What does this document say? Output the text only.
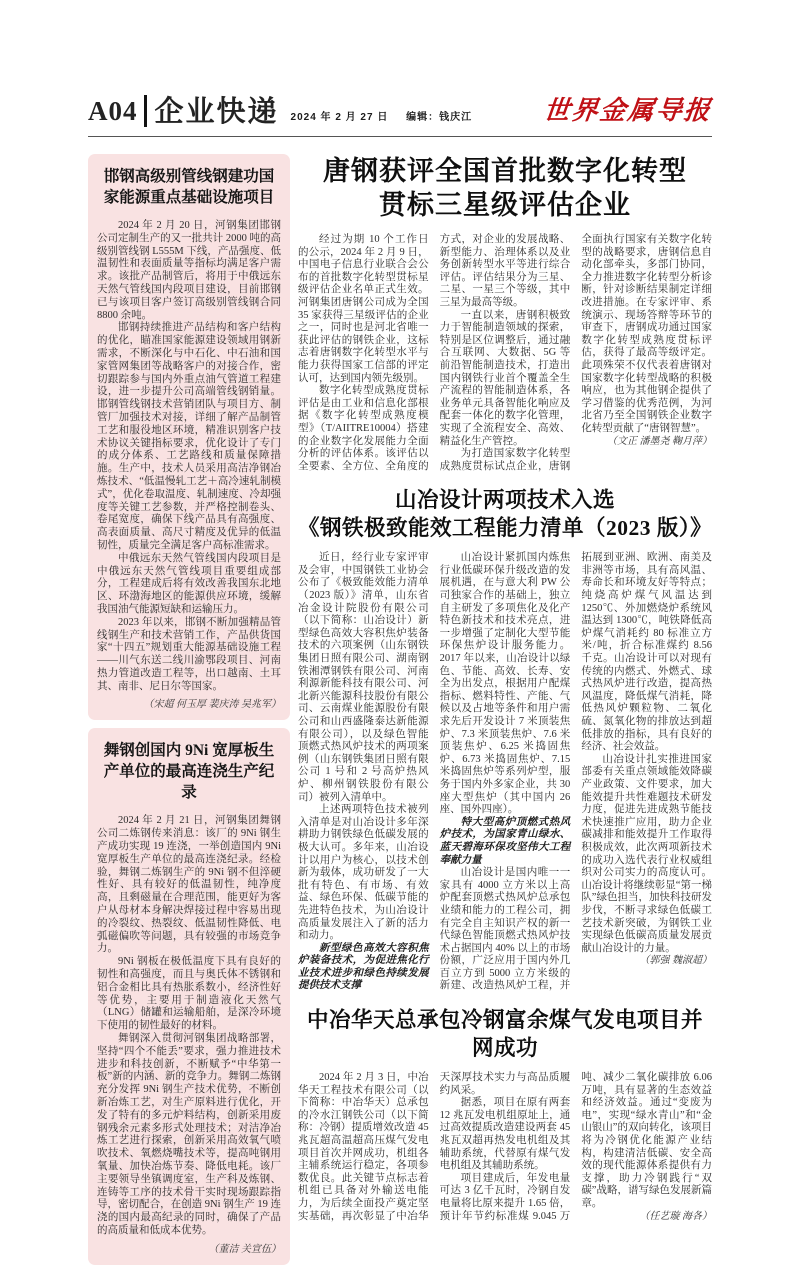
A04 企业快递 2024 年 2 月 27 日 编辑：钱庆江	世界金属导报
邯钢高级别管线钢建功国家能源重点基础设施项目

2024 年 2 月 20 日，河钢集团邯钢公司定制生产的又一批共计 2000 吨的高级别管线钢 L555M 下线，产品强度、低温韧性和表面质量等指标均满足客户需求。该批产品制管后，将用于中俄远东天然气管线国内段项目建设，目前邯钢已与该项目客户签订高级别管线钢合同 8800 余吨。

邯钢持续推进产品结构和客户结构的优化，瞄准国家能源建设领域用钢新需求，不断深化与中石化、中石油和国家管网集团等战略客户的对接合作，密切跟踪参与国内外重点油气管道工程建设，进一步提升公司高端管线钢销量。邯钢管线钢技术营销团队与项目方、制管厂加强技术对接，详细了解产品制管工艺和服役地区环境，精准识别客户技术协议关键指标要求，优化设计了专门的成分体系、工艺路线和质量保障措施。生产中，技术人员采用高洁净钢冶炼技术、“低温慢轧工艺＋高冷速轧制模式”，优化卷取温度、轧制速度、冷却强度等关键工艺参数，并严格控制卷头、卷尾宽度，确保下线产品具有高强度、高表面质量、高尺寸精度及优异的低温韧性，质量完全满足客户高标准需求。

中俄远东天然气管线国内段项目是中俄远东天然气管线项目重要组成部分，工程建成后将有效改善我国东北地区、环渤海地区的能源供应环境，缓解我国油气能源短缺和运输压力。

2023 年以来，邯钢不断加强精品管线钢生产和技术营销工作，产品供货国家“十四五”规划重大能源基础设施工程——川气东送二线川渝鄂段项目、河南热力管道改造工程等，出口越南、土耳其、南非、尼日尔等国家。

（宋超 何玉厚 裴庆涛 吴兆军）
舞钢创国内 9Ni 宽厚板生产单位的最高连浇生产纪录

2024 年 2 月 21 日，河钢集团舞钢公司二炼钢传来消息：该厂的 9Ni 钢生产成功实现 19 连浇，一举创造国内 9Ni 宽厚板生产单位的最高连浇纪录。经检验，舞钢二炼钢生产的 9Ni 钢不但淬硬性好、具有较好的低温韧性，纯净度高，且剩磁量在合理范围，能更好为客户从母材本身解决焊接过程中容易出现的冷裂纹、热裂纹、低温韧性降低、电弧磁偏吹等问题，具有较强的市场竞争力。

9Ni 钢板在极低温度下具有良好的韧性和高强度，而且与奥氏体不锈钢和铝合金相比具有热胀系数小，经济性好等优势，主要用于制造液化天然气（LNG）储罐和运输船舶，是深冷环境下使用的韧性最好的材料。

舞钢深入贯彻河钢集团战略部署，坚持“四个不能丢”要求，强力推进技术进步和科技创新，不断赋予“中华第一板”新的内涵、新的竞争力。舞钢二炼钢充分发挥 9Ni 钢生产技术优势，不断创新冶炼工艺，对生产原料进行优化，开发了特有的多元炉料结构，创新采用废钢残余元素多形式处理技术；对洁净冶炼工艺进行探索，创新采用高效氧气喷吹技术、氧燃烧嘴技术等，提高吨钢用氧量、加快冶炼节奏、降低电耗。该厂主要领导坐镇调度室，生产科及炼钢、连铸等工序的技术骨干实时现场跟踪指导，密切配合，在创造 9Ni 钢生产 19 连浇的国内最高纪录的同时，确保了产品的高质量和低成本优势。

（董洁 关宣伍）
唐钢获评全国首批数字化转型
贯标三星级评估企业

经过为期 10 个工作日的公示，2024 年 2 月 9 日，中国电子信息行业联合会公布的首批数字化转型贯标星级评估企业名单正式生效。河钢集团唐钢公司成为全国 35 家获得三星级评估的企业之一，同时也是河北省唯一获此评估的钢铁企业，这标志着唐钢数字化转型水平与能力获得国家工信部的评定认可，达到国内领先级别。

数字化转型成熟度贯标评估是由工业和信息化部根据《数字化转型成熟度模型》（T/AIITRE10004）搭建的企业数字化发展能力全面分析的评估体系。该评估以全要素、全方位、全角度的方式，对企业的发展战略、新型能力、治理体系以及业务创新转型水平等进行综合评估。评估结果分为三星、二星、一星三个等级，其中三星为最高等级。

一直以来，唐钢积极致力于智能制造领域的探索，特别是区位调整后，通过融合互联网、大数据、5G 等前沿智能制造技术，打造出国内钢铁行业首个覆盖全生产流程的智能制造体系，各业务单元具备智能化响应及配套一体化的数字化管理，实现了全流程安全、高效、精益化生产管控。

为打造国家数字化转型成熟度贯标试点企业，唐钢全面执行国家有关数字化转型的战略要求，唐钢信息自动化部牵头，多部门协同，全力推进数字化转型分析诊断，针对诊断结果制定详细改进措施。在专家评审、系统演示、现场答辩等环节的审查下，唐钢成功通过国家数字化转型成熟度贯标评估，获得了最高等级评定。此项殊荣不仅代表着唐钢对国家数字化转型战略的积极响应，也为其他钢企提供了学习借鉴的优秀范例，为河北省乃至全国钢铁企业数字化转型贡献了“唐钢智慧”。

（文正 潘墨尧 鞠月萍）
山冶设计两项技术入选
《钢铁极致能效工程能力清单（2023 版）》

近日，经行业专家评审及会审，中国钢铁工业协会公布了《极致能效能力清单（2023 版）》清单，山东省冶金设计院股份有限公司（以下简称：山冶设计）新型绿色高效大容积焦炉装备技术的六项案例（山东钢铁集团日照有限公司、湖南钢铁湘潭钢铁有限公司、河南利源新能科技有限公司、河北新兴能源科技股份有限公司、云南煤业能源股份有限公司和山西盛隆泰达新能源有限公司），以及绿色智能顶燃式热风炉技术的两项案例（山东钢铁集团日照有限公司 1 号和 2 号高炉热风炉、柳州钢铁股份有限公司）被列入清单中。

上述两项特色技术被列入清单是对山冶设计多年深耕助力钢铁绿色低碳发展的极大认可。多年来，山冶设计以用户为核心，以技术创新为载体，成功研发了一大批有特色、有市场、有效益、绿色环保、低碳节能的先进特色技术，为山冶设计高质量发展注入了新的活力和动力。

新型绿色高效大容积焦炉装备技术，为促进焦化行业技术进步和绿色持续发展提供技术支撑

山冶设计紧抓国内炼焦行业低碳环保升级改造的发展机遇，在与意大利 PW 公司独家合作的基础上，独立自主研发了多项焦化及化产特色新技术和技术亮点，进一步增强了定制化大型节能环保焦炉设计服务能力。2017 年以来，山冶设计以绿色、节能、高效、长寿、安全为出发点，根据用户配煤指标、燃料特性、产能、气候以及占地等条件和用户需求先后开发设计 7 米顶装焦炉、7.3 米顶装焦炉、7.6 米顶装焦炉、6.25 米捣固焦炉、6.73 米捣固焦炉、7.15 米捣固焦炉等系列炉型，服务于国内外多家企业，共 30 座大型焦炉（其中国内 26 座、国外四座）。

特大型高炉顶燃式热风炉技术，为国家青山绿水、蓝天碧海环保攻坚伟大工程奉献力量

山冶设计是国内唯一一家具有 4000 立方米以上高炉配套顶燃式热风炉总承包业绩和能力的工程公司，拥有完全自主知识产权的新一代绿色智能顶燃式热风炉技术占据国内 40% 以上的市场份额，广泛应用于国内外几百立方到 5000 立方米级的新建、改造热风炉工程，并拓展到亚洲、欧洲、南美及非洲等市场，具有高风温、寿命长和环境友好等特点；纯烧高炉煤气风温达到 1250℃、外加燃烧炉系统风温达到 1300℃，吨铁降低高炉煤气消耗约 80 标准立方米/吨，折合标准煤约 8.56 千克。山冶设计可以对现有传统的内燃式、外燃式、球式热风炉进行改造，提高热风温度，降低煤气消耗，降低热风炉颗粒物、二氧化硫、氮氧化物的排放达到超低排放的指标，具有良好的经济、社会效益。

山冶设计扎实推进国家部委有关重点领域能效降碳产业政策、文件要求，加大能效提升共性难题技术研发力度，促进先进成熟节能技术快速推广应用，助力企业碳减排和能效提升工作取得积极成效，此次两项新技术的成功入选代表行业权威组织对公司实力的高度认可。山冶设计将继续彰显“第一梯队”绿色担当，加快科技研发步伐，不断寻求绿色低碳工艺技术新突破，为钢铁工业实现绿色低碳高质量发展贡献山冶设计的力量。

（郭强 魏淑超）
中冶华天总承包冷钢富余煤气发电项目并网成功

2024 年 2 月 3 日，中冶华天工程技术有限公司（以下简称：中冶华天）总承包的冷水江钢铁公司（以下简称：冷钢）提质增效改造 45 兆瓦超高温超高压煤气发电项目首次并网成功，机组各主辅系统运行稳定，各项参数优良。此关键节点标志着机组已具备对外输送电能力，为后续全面投产奠定坚实基础，再次彰显了中冶华天深厚技术实力与高品质履约风采。

据悉，项目在原有两套 12 兆瓦发电机组原址上，通过高效提质改造建设两套 45 兆瓦双超再热发电机组及其辅助系统，代替原有煤气发电机组及其辅助系统。

项目建成后，年发电量可达 3 亿千瓦时，冷钢自发电量将比原来提升 1.65 倍，预计年节约标准煤 9.045 万吨、减少二氧化碳排放 6.06 万吨，具有显著的生态效益和经济效益。通过“变废为电”，实现“绿水青山”和“金山银山”的双向转化，该项目将为冷钢优化能源产业结构，构建清洁低碳、安全高效的现代能源体系提供有力支撑，助力冷钢践行“双碳”战略，谱写绿色发展新篇章。

（任艺璇 海各）
